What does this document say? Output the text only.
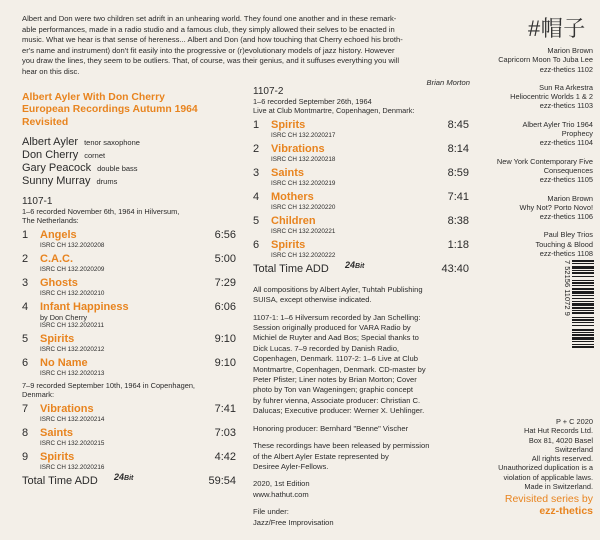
Albert and Don were two children set adrift in an unhearing world. They found one another and in these remark-
able performances, made in a radio studio and a famous club, they simply allowed their selves to be enacted in
music. What we hear is that sense of hereness... Albert and Don (and how touching that Cherry echoed his broth-
er's name and instrument) don't fit easily into the progressive or (r)evolutionary models of jazz history. However
you draw the lines, they seem to be outliers. That, of course, was their genius, and it suffuses everything you will
hear on this disc.
Brian Morton
Albert Ayler With Don Cherry
European Recordings Autumn 1964
Revisited
Albert Ayler tenor saxophone
Don Cherry cornet
Gary Peacock double bass
Sunny Murray drums
1107-1
1–6 recorded November 6th, 1964 in Hilversum,
The Netherlands:
1 Angels	6:56
ISRC CH 132.2020208
2 C.A.C.	5:00
ISRC CH 132.2020209
3 Ghosts	7:29
ISRC CH 132.2020210
4 Infant Happiness	6:06
by Don Cherry
ISRC CH 132.2020211
5 Spirits	9:10
ISRC CH 132.2020212
6 No Name	9:10
ISRC CH 132.2020213
7–9 recorded September 10th, 1964 in Copenhagen,
Denmark:
7 Vibrations	7:41
ISRC CH 132.2020214
8 Saints	7:03
ISRC CH 132.2020215
9 Spirits	4:42
ISRC CH 132.2020216
Total Time ADD 24Bit	59:54
1107-2
1–6 recorded September 26th, 1964
Live at Club Montmartre, Copenhagen, Denmark:
1 Spirits	8:45
ISRC CH 132.2020217
2 Vibrations	8:14
ISRC CH 132.2020218
3 Saints	8:59
ISRC CH 132.2020219
4 Mothers	7:41
ISRC CH 132.2020220
5 Children	8:38
ISRC CH 132.2020221
6 Spirits	1:18
ISRC CH 132.2020222
Total Time ADD 24Bit	43:40
All compositions by Albert Ayler, Tuhtah Publishing
SUISA, except otherwise indicated.
1107-1: 1–6 Hilversum recorded by Jan Schelling:
Session originally produced for VARA Radio by
Michiel de Ruyter and Aad Bos; Special thanks to
Dick Lucas. 7–9 recorded by Danish Radio,
Copenhagen, Denmark. 1107-2: 1–6 Live at Club
Montmartre, Copenhagen, Denmark. CD-master by
Peter Pfister; Liner notes by Brian Morton; Cover
photo by Ton van Wageningen; graphic concept
by fuhrer vienna, Associate producer: Christian C.
Dalucas; Executive producer: Werner X. Uehlinger.
Honoring producer: Bernhard "Benne" Vischer
These recordings have been released by permission
of the Albert Ayler Estate represented by
Desiree Ayler-Fellows.
2020, 1st Edition
www.hathut.com
File under:
Jazz/Free Improvisation
#帽子
Marion Brown
Capricorn Moon To Juba Lee
ezz-thetics 1102
Sun Ra Arkestra
Heliocentric Worlds 1 & 2
ezz-thetics 1103
Albert Ayler Trio 1964
Prophecy
ezz-thetics 1104
New York Contemporary Five
Consequences
ezz-thetics 1105
Marion Brown
Why Not? Porto Novo!
ezz-thetics 1106
Paul Bley Trios
Touching & Blood
ezz-thetics 1108
7 52156 11072 9
P + C 2020
Hat Hut Records Ltd.
Box 81, 4020 Basel
Switzerland
All rights reserved.
Unauthorized duplication is a
violation of applicable laws.
Made in Switzerland.
Revisited series by
ezz-thetics
